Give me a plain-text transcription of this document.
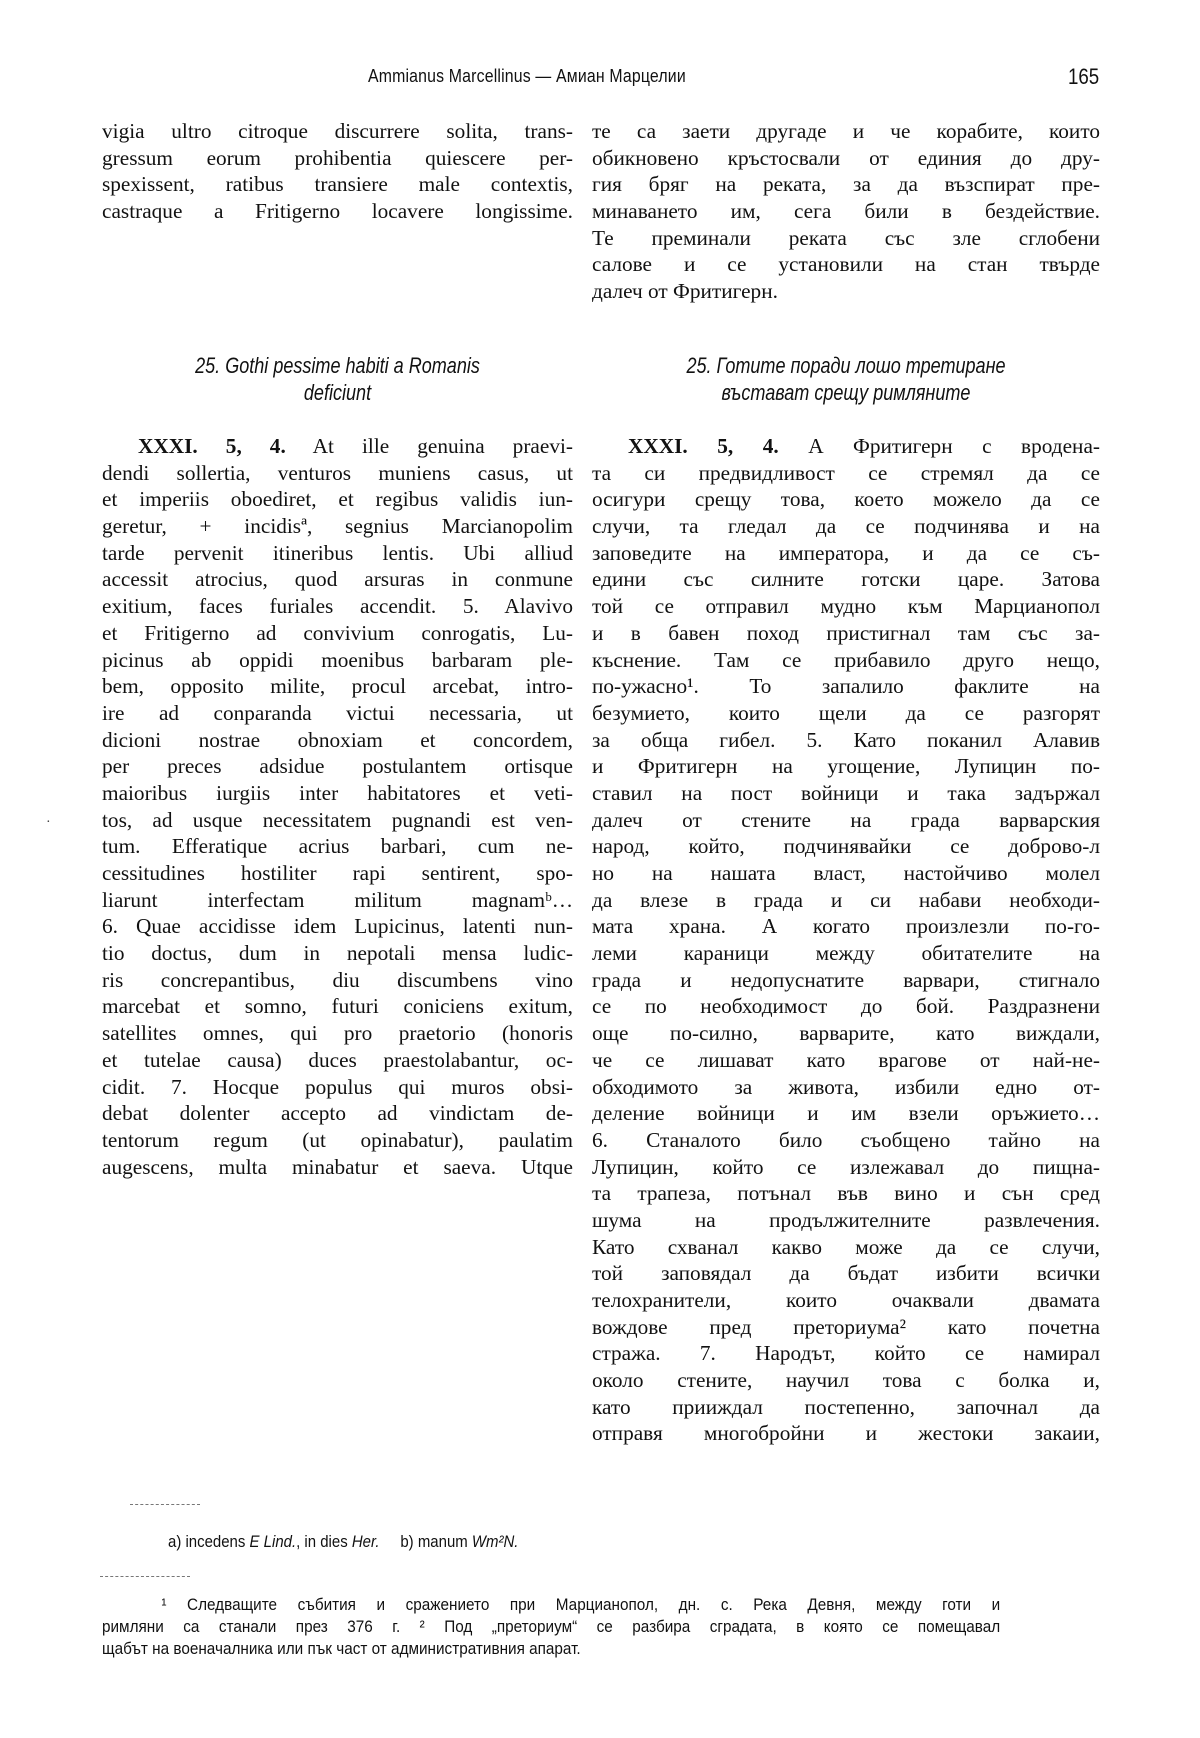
Ammianus Marcellinus — Амиан Марцелии	165
vigia ultro citroque discurrere solita, trans-
gressum eorum prohibentia quiescere per-
spexissent, ratibus transiere male contextis,
castraque a Fritigerno locavere longissime.
25. Gothi pessime habiti a Romanis
deficiunt
XXXI. 5, 4. At ille genuina praevi-
dendi sollertia, venturos muniens casus, ut
et imperiis oboediret, et regibus validis iun-
geretur, + incidisª, segnius Marcianopolim
tarde pervenit itineribus lentis. Ubi alliud
accessit atrocius, quod arsuras in conmune
exitium, faces furiales accendit. 5. Alavivo
et Fritigerno ad convivium conrogatis, Lu-
picinus ab oppidi moenibus barbaram ple-
bem, opposito milite, procul arcebat, intro-
ire ad conparanda victui necessaria, ut
dicioni nostrae obnoxiam et concordem,
per preces adsidue postulantem ortisque
maioribus iurgiis inter habitatores et veti-
tos, ad usque necessitatem pugnandi est ven-
tum. Efferatique acrius barbari, cum ne-
cessitudines hostiliter rapi sentirent, spo-
liarunt interfectam militum magnamᵇ…
6. Quae accidisse idem Lupicinus, latenti nun-
tio doctus, dum in nepotali mensa ludic-
ris concrepantibus, diu discumbens vino
marcebat et somno, futuri coniciens exitum,
satellites omnes, qui pro praetorio (honoris
et tutelae causa) duces praestolabantur, oc-
cidit. 7. Hocque populus qui muros obsi-
debat dolenter accepto ad vindictam de-
tentorum regum (ut opinabatur), paulatim
augescens, multa minabatur et saeva. Utque
·
те са заети другаде и че корабите, които
обикновено кръстосвали от единия до дру-
гия бряг на реката, за да възспират пре-
минаването им, сега били в бездействие.
Те преминали реката със зле сглобени
салове и се установили на стан твърде
далеч от Фритигерн.
25. Готите поради лошо третиране
въстават срещу римляните
XXXI. 5, 4. А Фритигерн с вродена-
та си предвидливост се стремял да се
осигури срещу това, което можело да се
случи, та гледал да се подчинява и на
заповедите на императора, и да се съ-
едини със силните готски царе. Затова
той се отправил мудно към Марцианопол
и в бавен поход пристигнал там със за-
къснение. Там се прибавило друго нещо,
по-ужасно¹. То запалило факлите на
безумието, които щели да се разгорят
за обща гибел. 5. Като поканил Алавив
и Фритигерн на угощение, Лупицин по-
ставил на пост войници и така задържал
далеч от стените на града варварския
народ, който, подчинявайки се доброво-л
но на нашата власт, настойчиво молел
да влезе в града и си набави необходи-
мата храна. А когато произлезли по-го-
леми караници между обитателите на
града и недопуснатите варвари, стигнало
се по необходимост до бой. Раздразнени
още по-силно, варварите, като виждали,
че се лишават като врагове от най-не-
обходимото за живота, избили едно от-
деление войници и им взели оръжието…
6. Станалото било съобщено тайно на
Лупицин, който се излежавал до пищна-
та трапеза, потънал във вино и сън сред
шума на продължителните развлечения.
Като схванал какво може да се случи,
той заповядал да бъдат избити всички
телохранители, които очаквали двамата
вождове пред преториума² като почетна
стража. 7. Народът, който се намирал
около стените, научил това с болка и,
като прииждал постепенно, започнал да
отправя многобройни и жестоки закаии,
a) incedens E Lind., in dies Her. b) manum Wm²N.
¹ Следващите събития и сражението при Марцианопол, дн. с. Река Девня, между готи и
римляни са станали през 376 г. ² Под „преториум“ се разбира сградата, в която се помещавал
щабът на военачалника или пък част от административния апарат.
